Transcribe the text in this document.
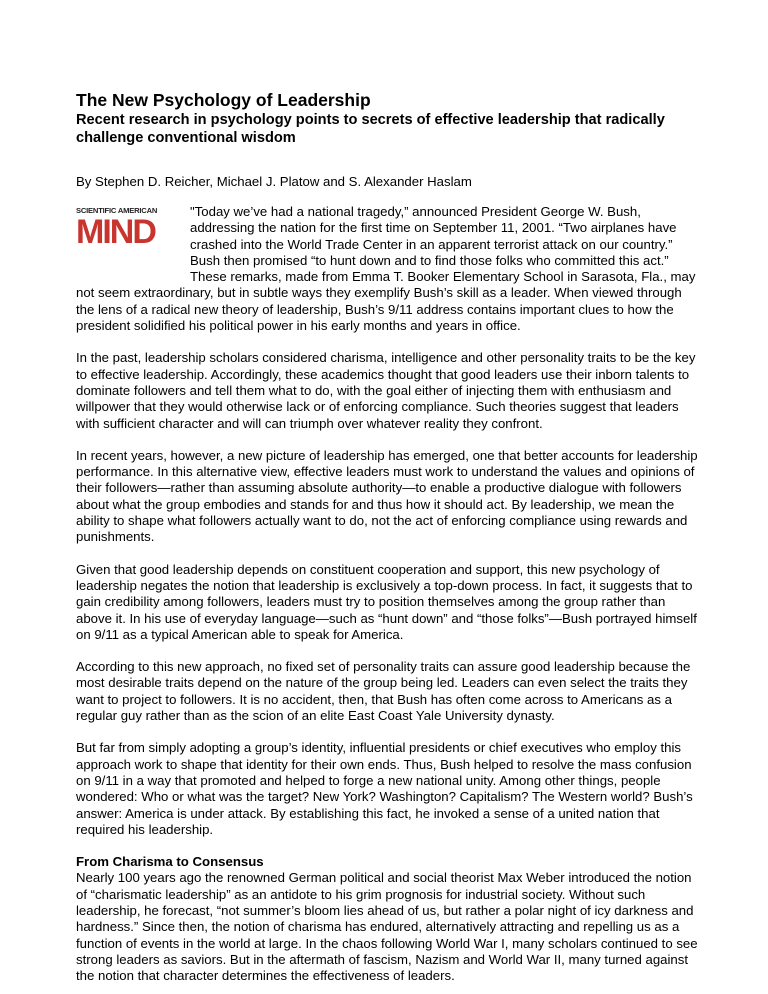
The New Psychology of Leadership
Recent research in psychology points to secrets of effective leadership that radically challenge conventional wisdom

By Stephen D. Reicher, Michael J. Platow and S. Alexander Haslam

SCIENTIFIC AMERICAN
MIND
"Today we’ve had a national tragedy,” announced President George W. Bush, addressing the nation for the first time on September 11, 2001. “Two airplanes have crashed into the World Trade Center in an apparent terrorist attack on our country.” Bush then promised “to hunt down and to find those folks who committed this act.” These remarks, made from Emma T. Booker Elementary School in Sarasota, Fla., may not seem extraordinary, but in subtle ways they exemplify Bush’s skill as a leader. When viewed through the lens of a radical new theory of leadership, Bush’s 9/11 address contains important clues to how the president solidified his political power in his early months and years in office.

In the past, leadership scholars considered charisma, intelligence and other personality traits to be the key to effective leadership. Accordingly, these academics thought that good leaders use their inborn talents to dominate followers and tell them what to do, with the goal either of injecting them with enthusiasm and willpower that they would otherwise lack or of enforcing compliance. Such theories suggest that leaders with sufficient character and will can triumph over whatever reality they confront.

In recent years, however, a new picture of leadership has emerged, one that better accounts for leadership performance. In this alternative view, effective leaders must work to understand the values and opinions of their followers—rather than assuming absolute authority—to enable a productive dialogue with followers about what the group embodies and stands for and thus how it should act. By leadership, we mean the ability to shape what followers actually want to do, not the act of enforcing compliance using rewards and punishments.

Given that good leadership depends on constituent cooperation and support, this new psychology of leadership negates the notion that leadership is exclusively a top-down process. In fact, it suggests that to gain credibility among followers, leaders must try to position themselves among the group rather than above it. In his use of everyday language—such as “hunt down” and “those folks”—Bush portrayed himself on 9/11 as a typical American able to speak for America.

According to this new approach, no fixed set of personality traits can assure good leadership because the most desirable traits depend on the nature of the group being led. Leaders can even select the traits they want to project to followers. It is no accident, then, that Bush has often come across to Americans as a regular guy rather than as the scion of an elite East Coast Yale University dynasty.

But far from simply adopting a group’s identity, influential presidents or chief executives who employ this approach work to shape that identity for their own ends. Thus, Bush helped to resolve the mass confusion on 9/11 in a way that promoted and helped to forge a new national unity. Among other things, people wondered: Who or what was the target? New York? Washington? Capitalism? The Western world? Bush’s answer: America is under attack. By establishing this fact, he invoked a sense of a united nation that required his leadership.

From Charisma to Consensus

Nearly 100 years ago the renowned German political and social theorist Max Weber introduced the notion of “charismatic leadership” as an antidote to his grim prognosis for industrial society. Without such leadership, he forecast, “not summer’s bloom lies ahead of us, but rather a polar night of icy darkness and hardness.” Since then, the notion of charisma has endured, alternatively attracting and repelling us as a function of events in the world at large. In the chaos following World War I, many scholars continued to see strong leaders as saviors. But in the aftermath of fascism, Nazism and World War II, many turned against the notion that character determines the effectiveness of leaders.
